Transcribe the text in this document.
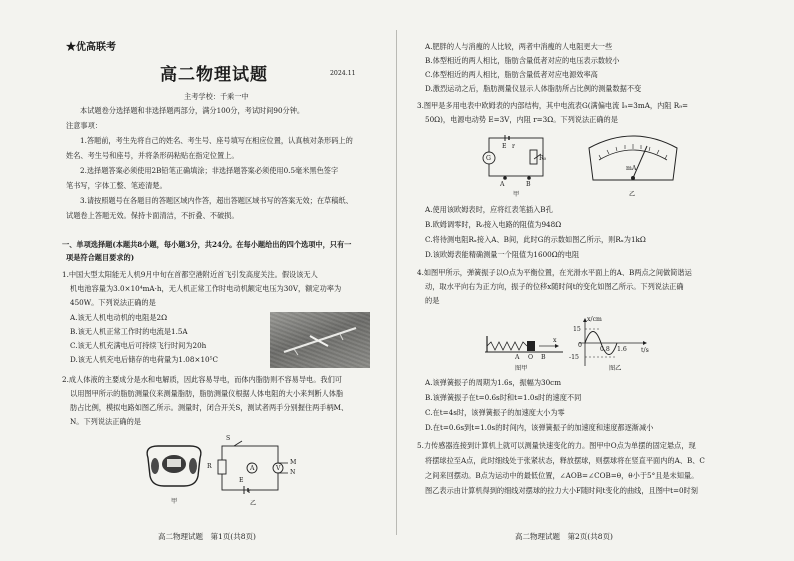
★优高联考
高二物理试题	2024.11
主考学校：千乘一中
本试题卷分选择题和非选择题两部分，满分100分，考试时间90分钟。
注意事项：
1.答题前，考生先将自己的姓名、考生号、座号填写在相应位置，认真核对条形码上的
姓名、考生号和座号，并将条形码粘贴在指定位置上。
2.选择题答案必须使用2B铅笔正确填涂；非选择题答案必须使用0.5毫米黑色签字
笔书写，字体工整、笔迹清楚。
3.请按照题号在各题目的答题区域内作答，超出答题区域书写的答案无效；在草稿纸、
试题卷上答题无效。保持卡面清洁，不折叠、不破损。
一、单项选择题(本题共8小题，每小题3分，共24分。在每小题给出的四个选项中，只有一
项是符合题目要求的)
1.中国大型太阳能无人机9月中旬在首都空港附近首飞引发高度关注。假设该无人
机电池容量为3.0×10⁴mA·h，无人机正常工作时电动机额定电压为30V，额定功率为
450W。下列说法正确的是
A.该无人机电动机的电阻是2Ω
B.该无人机正常工作时的电流是1.5A
C.该无人机充满电后可持续飞行时间为20h
D.该无人机充电后储存的电荷量为1.08×10⁵C
2.成人体液的主要成分是水和电解质，因此容易导电，而体内脂肪则不容易导电。我们可
以用图甲所示的脂肪测量仪来测量脂肪，脂肪测量仪根据人体电阻的大小来判断人体脂
肪占比例，模拟电路如图乙所示。测量时，闭合开关S，测试者两手分别握住两手柄M、
N。下列说法正确的是
甲
S
R
E
r
A	V
M
N
乙
高二物理试题　第1页(共8页)
A.肥胖的人与消瘦的人比较，两者中消瘦的人电阻更大一些
B.体型相近的两人相比，脂肪含量低者对应的电压表示数较小
C.体型相近的两人相比，脂肪含量低者对应电源效率高
D.激烈运动之后，脂肪测量仪显示人体脂肪所占比例的测量数据不变
3.图甲是多用电表中欧姆表的内部结构，其中电流表G(满偏电流 I₉=3mA，内阻 R₉=
50Ω)，电源电动势 E=3V，内阻 r=3Ω。下列说法正确的是
G
E r
R₀
A	B
甲
mA
乙
A.使用该欧姆表时，应将红表笔插入B孔
B.欧姆调零时，R₀接入电路的阻值为948Ω
C.将待测电阻Rₓ接入A、B间，此时G的示数如图乙所示，则Rₓ为1kΩ
D.该欧姆表能精确测量一个阻值为1600Ω的电阻
4.如图甲所示，弹簧振子以O点为平衡位置，在光滑水平面上的A、B两点之间做简谐运
动，取水平向右为正方向，振子的位移x随时间t的变化如图乙所示。下列说法正确
的是
x
A O B
图甲
x/cm
15
-15
0
0.8 1.6 t/s
图乙
A.该弹簧振子的周期为1.6s，振幅为30cm
B.该弹簧振子在t=0.6s时和t=1.0s时的速度不同
C.在t=4s时，该弹簧振子的加速度大小为零
D.在t=0.6s到t=1.0s的时间内，该弹簧振子的加速度和速度都逐渐减小
5.力传感器连接到计算机上就可以测量快速变化的力。图甲中O点为单摆的固定悬点，现
将摆球拉至A点，此时细线处于张紧状态，释放摆球，则摆球将在竖直平面内的A、B、C
之间来回摆动。B点为运动中的最低位置，∠AOB=∠COB=θ，θ小于5°且是未知量。
图乙表示由计算机得到的细线对摆球的拉力大小F随时间t变化的曲线，且图中t=0时刻
高二物理试题　第2页(共8页)
